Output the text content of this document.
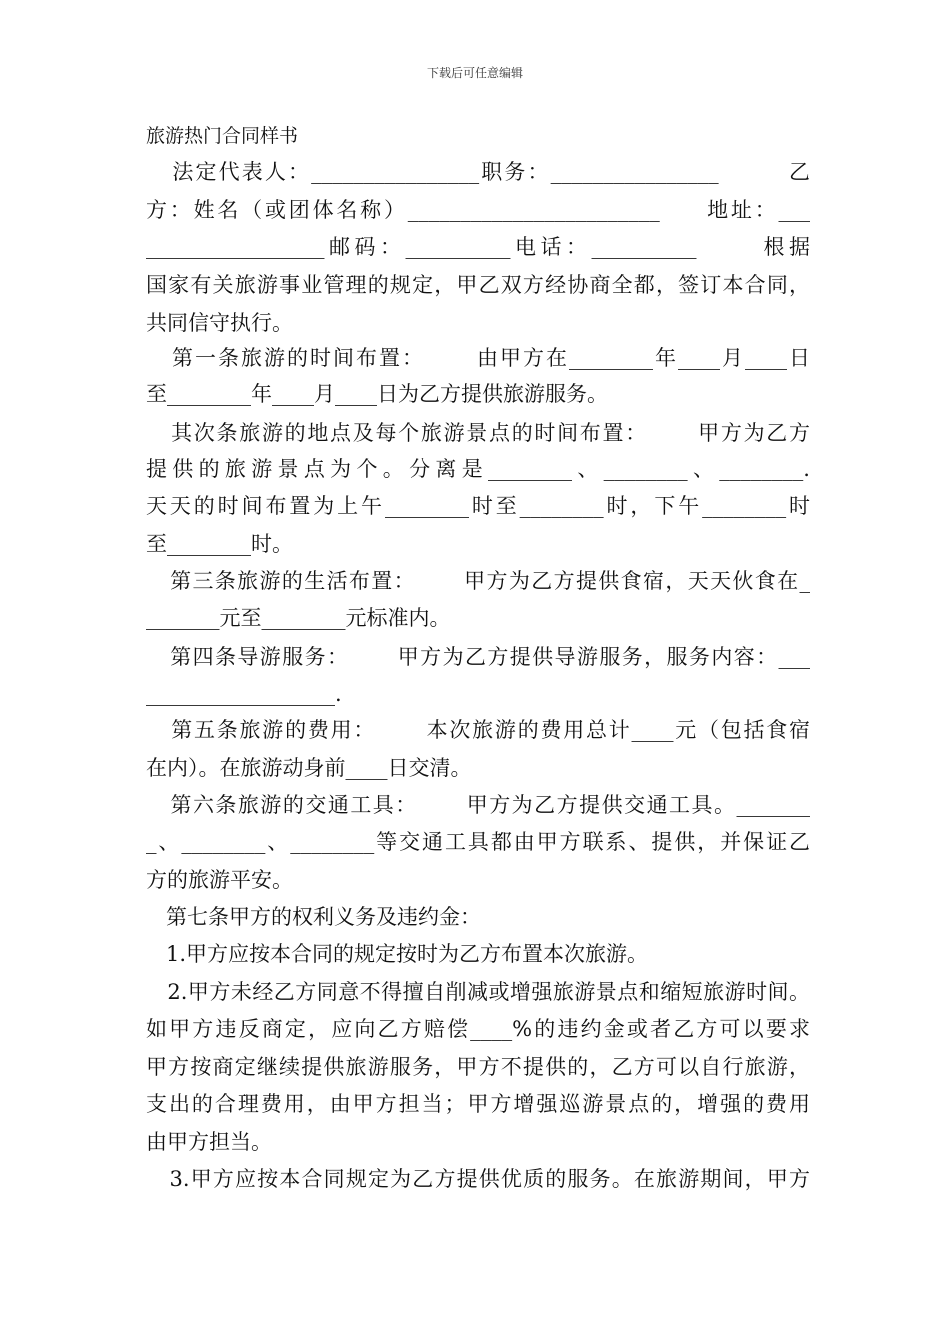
下载后可任意编辑
旅游热门合同样书
法定代表人：________________职务：________________        乙
方：姓名（或团体名称）________________________     地址：___
_________________邮码：__________电话：__________      根据
国家有关旅游事业管理的规定，甲乙双方经协商全都，签订本合同，
共同信守执行。
第一条旅游的时间布置：      由甲方在________年____月____日
至________年____月____日为乙方提供旅游服务。
其次条旅游的地点及每个旅游景点的时间布置：      甲方为乙方
提供的旅游景点为个。分离是________、________、________.
天天的时间布置为上午________时至________时，下午________时
至________时。
第三条旅游的生活布置：      甲方为乙方提供食宿，天天伙食在_
_______元至________元标准内。
第四条导游服务：      甲方为乙方提供导游服务，服务内容：___
__________________.
第五条旅游的费用：      本次旅游的费用总计____元（包括食宿
在内）。在旅游动身前____日交清。
第六条旅游的交通工具：      甲方为乙方提供交通工具。_______
_、________、________等交通工具都由甲方联系、提供，并保证乙
方的旅游平安。
第七条甲方的权利义务及违约金：
1.甲方应按本合同的规定按时为乙方布置本次旅游。
2.甲方未经乙方同意不得擅自削减或增强旅游景点和缩短旅游时间。
如甲方违反商定，应向乙方赔偿____%的违约金或者乙方可以要求
甲方按商定继续提供旅游服务，甲方不提供的，乙方可以自行旅游，
支出的合理费用，由甲方担当；甲方增强巡游景点的，增强的费用
由甲方担当。
3.甲方应按本合同规定为乙方提供优质的服务。在旅游期间，甲方
